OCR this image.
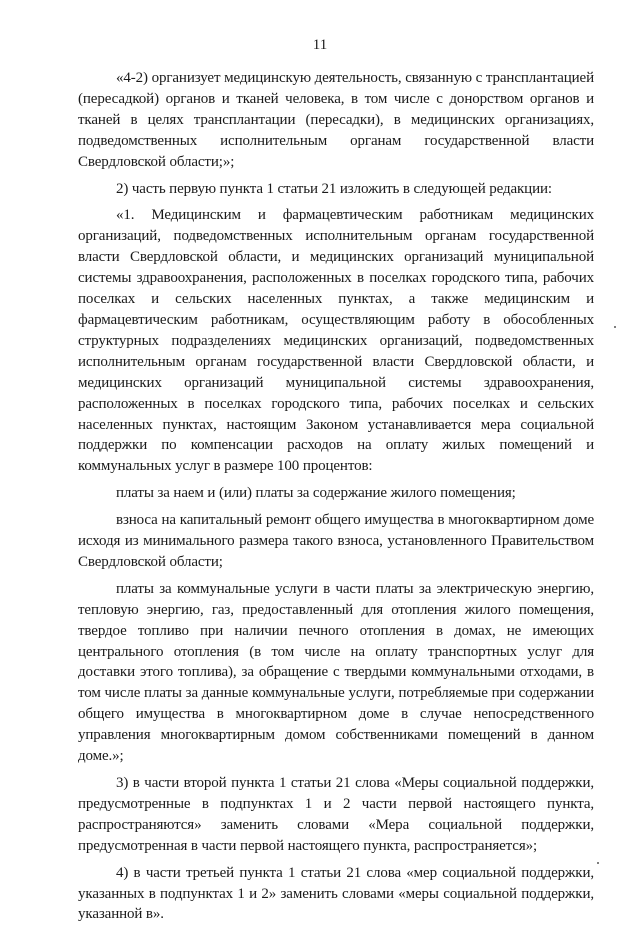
11

«4-2) организует медицинскую деятельность, связанную с трансплантацией (пересадкой) органов и тканей человека, в том числе с донорством органов и тканей в целях трансплантации (пересадки), в медицинских организациях, подведомственных исполнительным органам государственной власти Свердловской области;»;

2) часть первую пункта 1 статьи 21 изложить в следующей редакции:

«1. Медицинским и фармацевтическим работникам медицинских организаций, подведомственных исполнительным органам государственной власти Свердловской области, и медицинских организаций муниципальной системы здравоохранения, расположенных в поселках городского типа, рабочих поселках и сельских населенных пунктах, а также медицинским и фармацевтическим работникам, осуществляющим работу в обособленных структурных подразделениях медицинских организаций, подведомственных исполнительным органам государственной власти Свердловской области, и медицинских организаций муниципальной системы здравоохранения, расположенных в поселках городского типа, рабочих поселках и сельских населенных пунктах, настоящим Законом устанавливается мера социальной поддержки по компенсации расходов на оплату жилых помещений и коммунальных услуг в размере 100 процентов:

платы за наем и (или) платы за содержание жилого помещения;

взноса на капитальный ремонт общего имущества в многоквартирном доме исходя из минимального размера такого взноса, установленного Правительством Свердловской области;

платы за коммунальные услуги в части платы за электрическую энергию, тепловую энергию, газ, предоставленный для отопления жилого помещения, твердое топливо при наличии печного отопления в домах, не имеющих центрального отопления (в том числе на оплату транспортных услуг для доставки этого топлива), за обращение с твердыми коммунальными отходами, в том числе платы за данные коммунальные услуги, потребляемые при содержании общего имущества в многоквартирном доме в случае непосредственного управления многоквартирным домом собственниками помещений в данном доме.»;

3) в части второй пункта 1 статьи 21 слова «Меры социальной поддержки, предусмотренные в подпунктах 1 и 2 части первой настоящего пункта, распространяются» заменить словами «Мера социальной поддержки, предусмотренная в части первой настоящего пункта, распространяется»;

4) в части третьей пункта 1 статьи 21 слова «мер социальной поддержки, указанных в подпунктах 1 и 2» заменить словами «меры социальной поддержки, указанной в».
